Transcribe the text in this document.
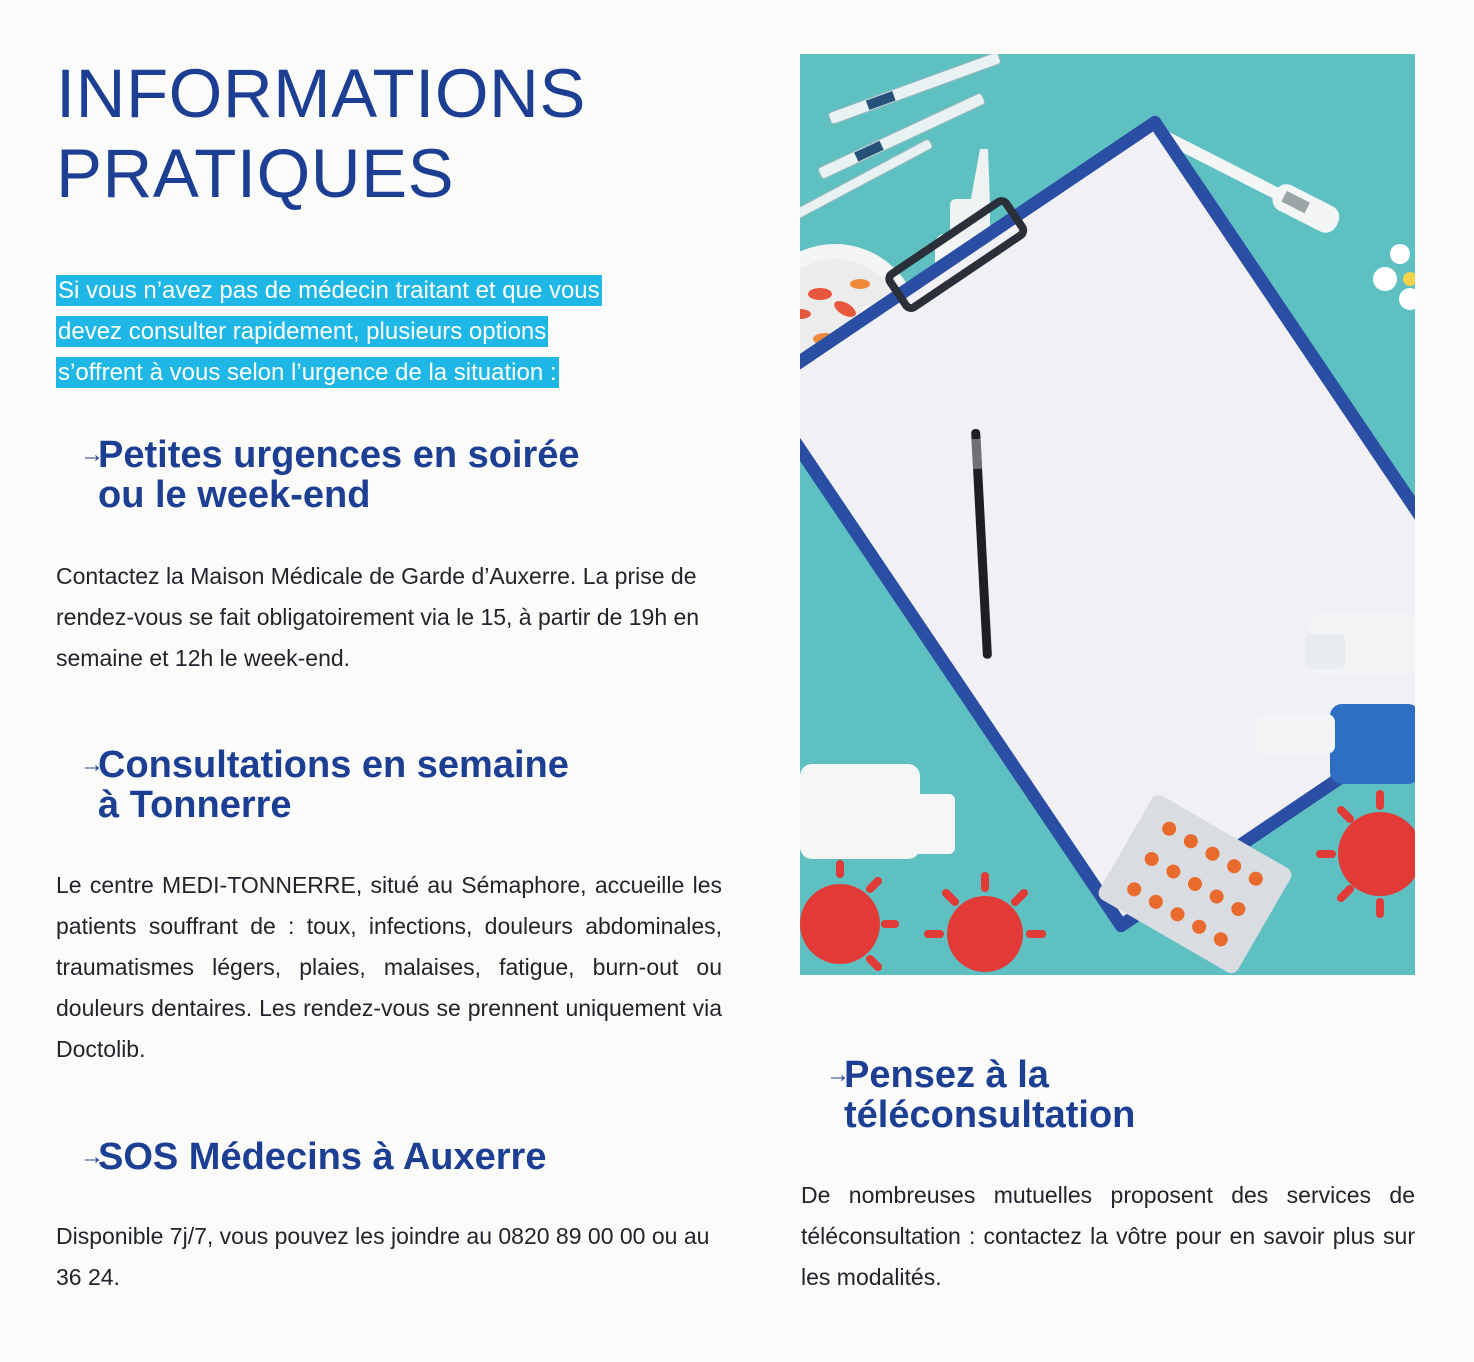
INFORMATIONS
PRATIQUES
Si vous n’avez pas de médecin traitant et que vous
devez consulter rapidement, plusieurs options
s’offrent à vous selon l’urgence de la situation :
→
Petites urgences en soirée
ou le week-end

Contactez la Maison Médicale de Garde d’Auxerre. La prise de rendez-vous se fait obligatoirement via le 15, à partir de 19h en semaine et 12h le week-end.

→
Consultations en semaine
à Tonnerre

Le centre MEDI-TONNERRE, situé au Sémaphore, accueille les patients souffrant de : toux, infections, douleurs abdominales, traumatismes légers, plaies, malaises, fatigue, burn-out ou douleurs dentaires. Les rendez-vous se prennent uniquement via Doctolib.

→
SOS Médecins à Auxerre

Disponible 7j/7, vous pouvez les joindre au 0820 89 00 00 ou au 36 24.

→
Pensez à la
téléconsultation

De nombreuses mutuelles proposent des services de téléconsultation : contactez la vôtre pour en savoir plus sur les modalités.
